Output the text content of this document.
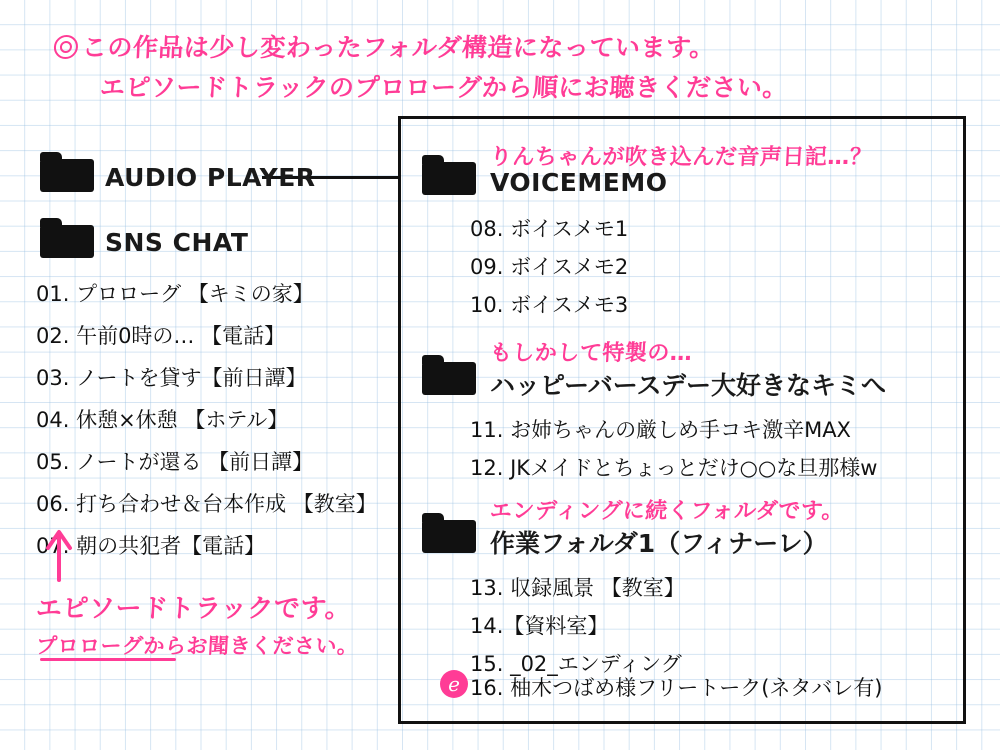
この作品は少し変わったフォルダ構造になっています。
エピソードトラックのプロローグから順にお聴きください。
AUDIO PLAYER
SNS CHAT
01. プロローグ 【キミの家】
02. 午前0時の… 【電話】
03. ノートを貸す【前日譚】
04. 休憩×休憩 【ホテル】
05. ノートが還る 【前日譚】
06. 打ち合わせ＆台本作成 【教室】
07. 朝の共犯者【電話】
エピソードトラックです。
プロローグからお聞きください。
りんちゃんが吹き込んだ音声日記…？
VOICEMEMO
08. ボイスメモ1
09. ボイスメモ2
10. ボイスメモ3
もしかして特製の…
ハッピーバースデー大好きなキミへ
11. お姉ちゃんの厳しめ手コキ激辛MAX
12. JKメイドとちょっとだけ○○な旦那様w
エンディングに続くフォルダです。
作業フォルダ1（フィナーレ）
13. 収録風景 【教室】
14.【資料室】
15. _02_エンディング
e 16. 柚木つばめ様フリートーク(ネタバレ有)
